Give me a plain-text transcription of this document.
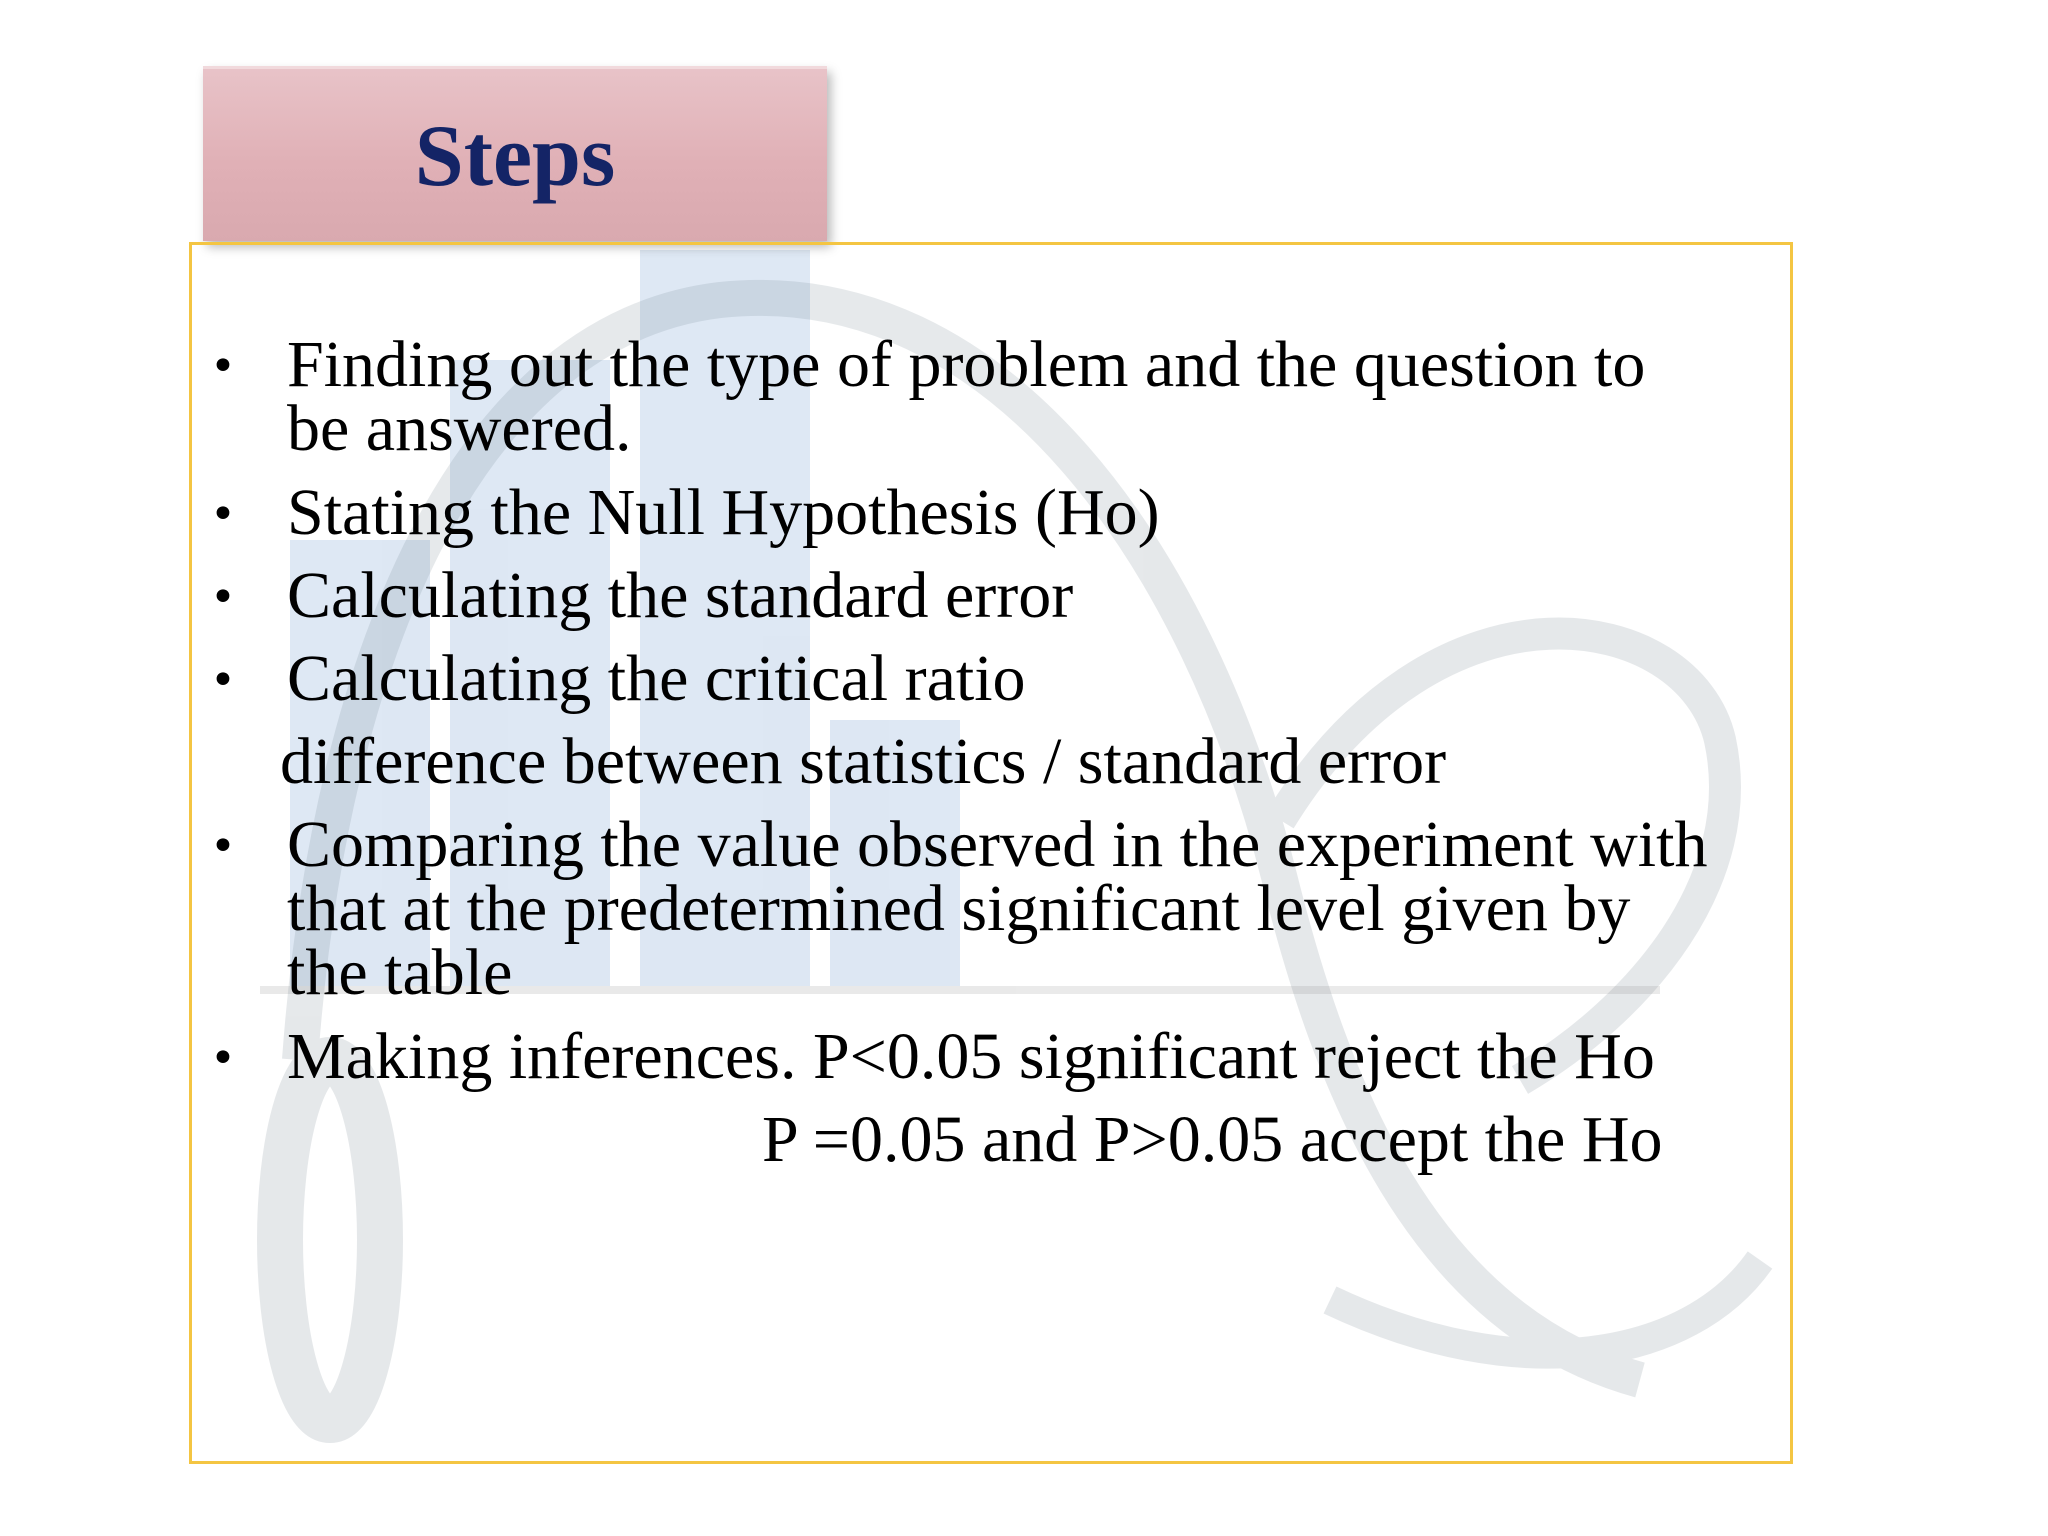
Steps
• Finding out the type of problem and the question to
be answered.
• Stating the Null Hypothesis (Ho)
• Calculating the standard error
• Calculating the critical ratio
difference between statistics / standard error
• Comparing the value observed in the experiment with
that at the predetermined significant level given by
the table
• Making inferences. P<0.05 significant reject the Ho
P =0.05 and P>0.05 accept the Ho
